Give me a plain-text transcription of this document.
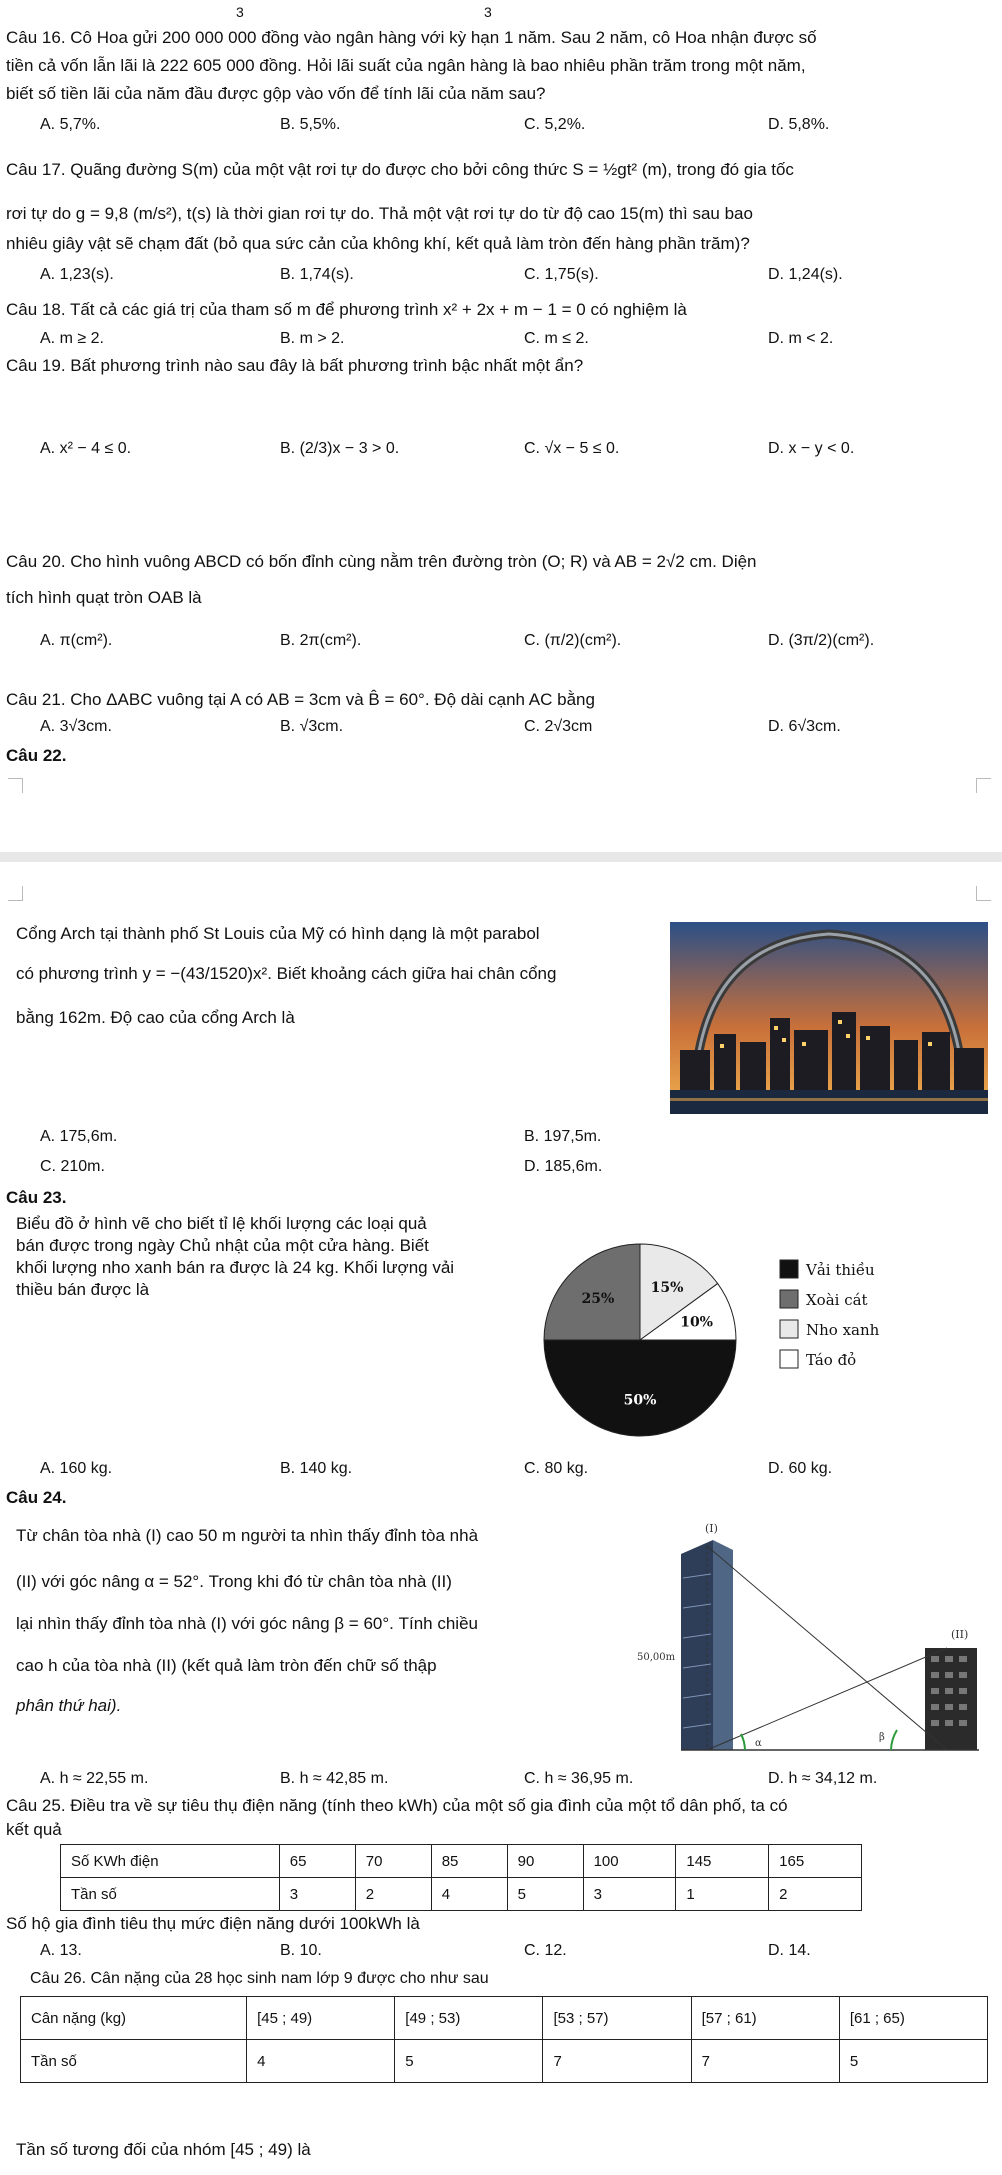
3	3
Câu 16. Cô Hoa gửi 200 000 000 đồng vào ngân hàng với kỳ hạn 1 năm. Sau 2 năm, cô Hoa nhận được số
tiền cả vốn lẫn lãi là 222 605 000 đồng. Hỏi lãi suất của ngân hàng là bao nhiêu phần trăm trong một năm,
biết số tiền lãi của năm đầu được gộp vào vốn để tính lãi của năm sau?
A. 5,7%.	B. 5,5%.	C. 5,2%.	D. 5,8%.
Câu 17. Quãng đường S(m) của một vật rơi tự do được cho bởi công thức S = ½gt² (m), trong đó gia tốc
rơi tự do g = 9,8 (m/s²), t(s) là thời gian rơi tự do. Thả một vật rơi tự do từ độ cao 15(m) thì sau bao
nhiêu giây vật sẽ chạm đất (bỏ qua sức cản của không khí, kết quả làm tròn đến hàng phần trăm)?
A. 1,23(s).	B. 1,74(s).	C. 1,75(s).	D. 1,24(s).
Câu 18. Tất cả các giá trị của tham số m để phương trình x² + 2x + m − 1 = 0 có nghiệm là
A. m ≥ 2.	B. m > 2.	C. m ≤ 2.	D. m < 2.
Câu 19. Bất phương trình nào sau đây là bất phương trình bậc nhất một ẩn?
A. x² − 4 ≤ 0.	B. (2/3)x − 3 > 0.	C. √x − 5 ≤ 0.	D. x − y < 0.
Câu 20. Cho hình vuông ABCD có bốn đỉnh cùng nằm trên đường tròn (O; R) và AB = 2√2 cm. Diện
tích hình quạt tròn OAB là
A. π(cm²).	B. 2π(cm²).	C. (π/2)(cm²).	D. (3π/2)(cm²).
Câu 21. Cho ΔABC vuông tại A có AB = 3cm và B̂ = 60°. Độ dài cạnh AC bằng
A. 3√3cm.	B. √3cm.	C. 2√3cm	D. 6√3cm.
Câu 22.
Cổng Arch tại thành phố St Louis của Mỹ có hình dạng là một parabol
có phương trình y = −(43/1520)x². Biết khoảng cách giữa hai chân cổng
bằng 162m. Độ cao của cổng Arch là
A. 175,6m.	B. 197,5m.
C. 210m.	D. 185,6m.
Câu 23.
Biểu đồ ở hình vẽ cho biết tỉ lệ khối lượng các loại quả
bán được trong ngày Chủ nhật của một cửa hàng. Biết
khối lượng nho xanh bán ra được là 24 kg. Khối lượng vải
thiều bán được là
50%
25%
15%
10%
Vải thiều
Xoài cát
Nho xanh
Táo đỏ
A. 160 kg.	B. 140 kg.	C. 80 kg.	D. 60 kg.
Câu 24.
Từ chân tòa nhà (I) cao 50 m người ta nhìn thấy đỉnh tòa nhà
(II) với góc nâng α = 52°. Trong khi đó từ chân tòa nhà (II)
lại nhìn thấy đỉnh tòa nhà (I) với góc nâng β = 60°. Tính chiều
cao h của tòa nhà (II) (kết quả làm tròn đến chữ số thập
phân thứ hai).
(I)
(II)
50,00m
α
β
A. h ≈ 22,55 m.	B. h ≈ 42,85 m.	C. h ≈ 36,95 m.	D. h ≈ 34,12 m.
Câu 25. Điều tra về sự tiêu thụ điện năng (tính theo kWh) của một số gia đình của một tổ dân phố, ta có
kết quả
Số KWh điện	65	70	85	90	100	145	165
Tần số	3	2	4	5	3	1	2
Số hộ gia đình tiêu thụ mức điện năng dưới 100kWh là
A. 13.	B. 10.	C. 12.	D. 14.
Câu 26. Cân nặng của 28 học sinh nam lớp 9 được cho như sau
Cân nặng (kg)	[45 ; 49)	[49 ; 53)	[53 ; 57)	[57 ; 61)	[61 ; 65)
Tần số	4	5	7	7	5
Tần số tương đối của nhóm [45 ; 49) là
